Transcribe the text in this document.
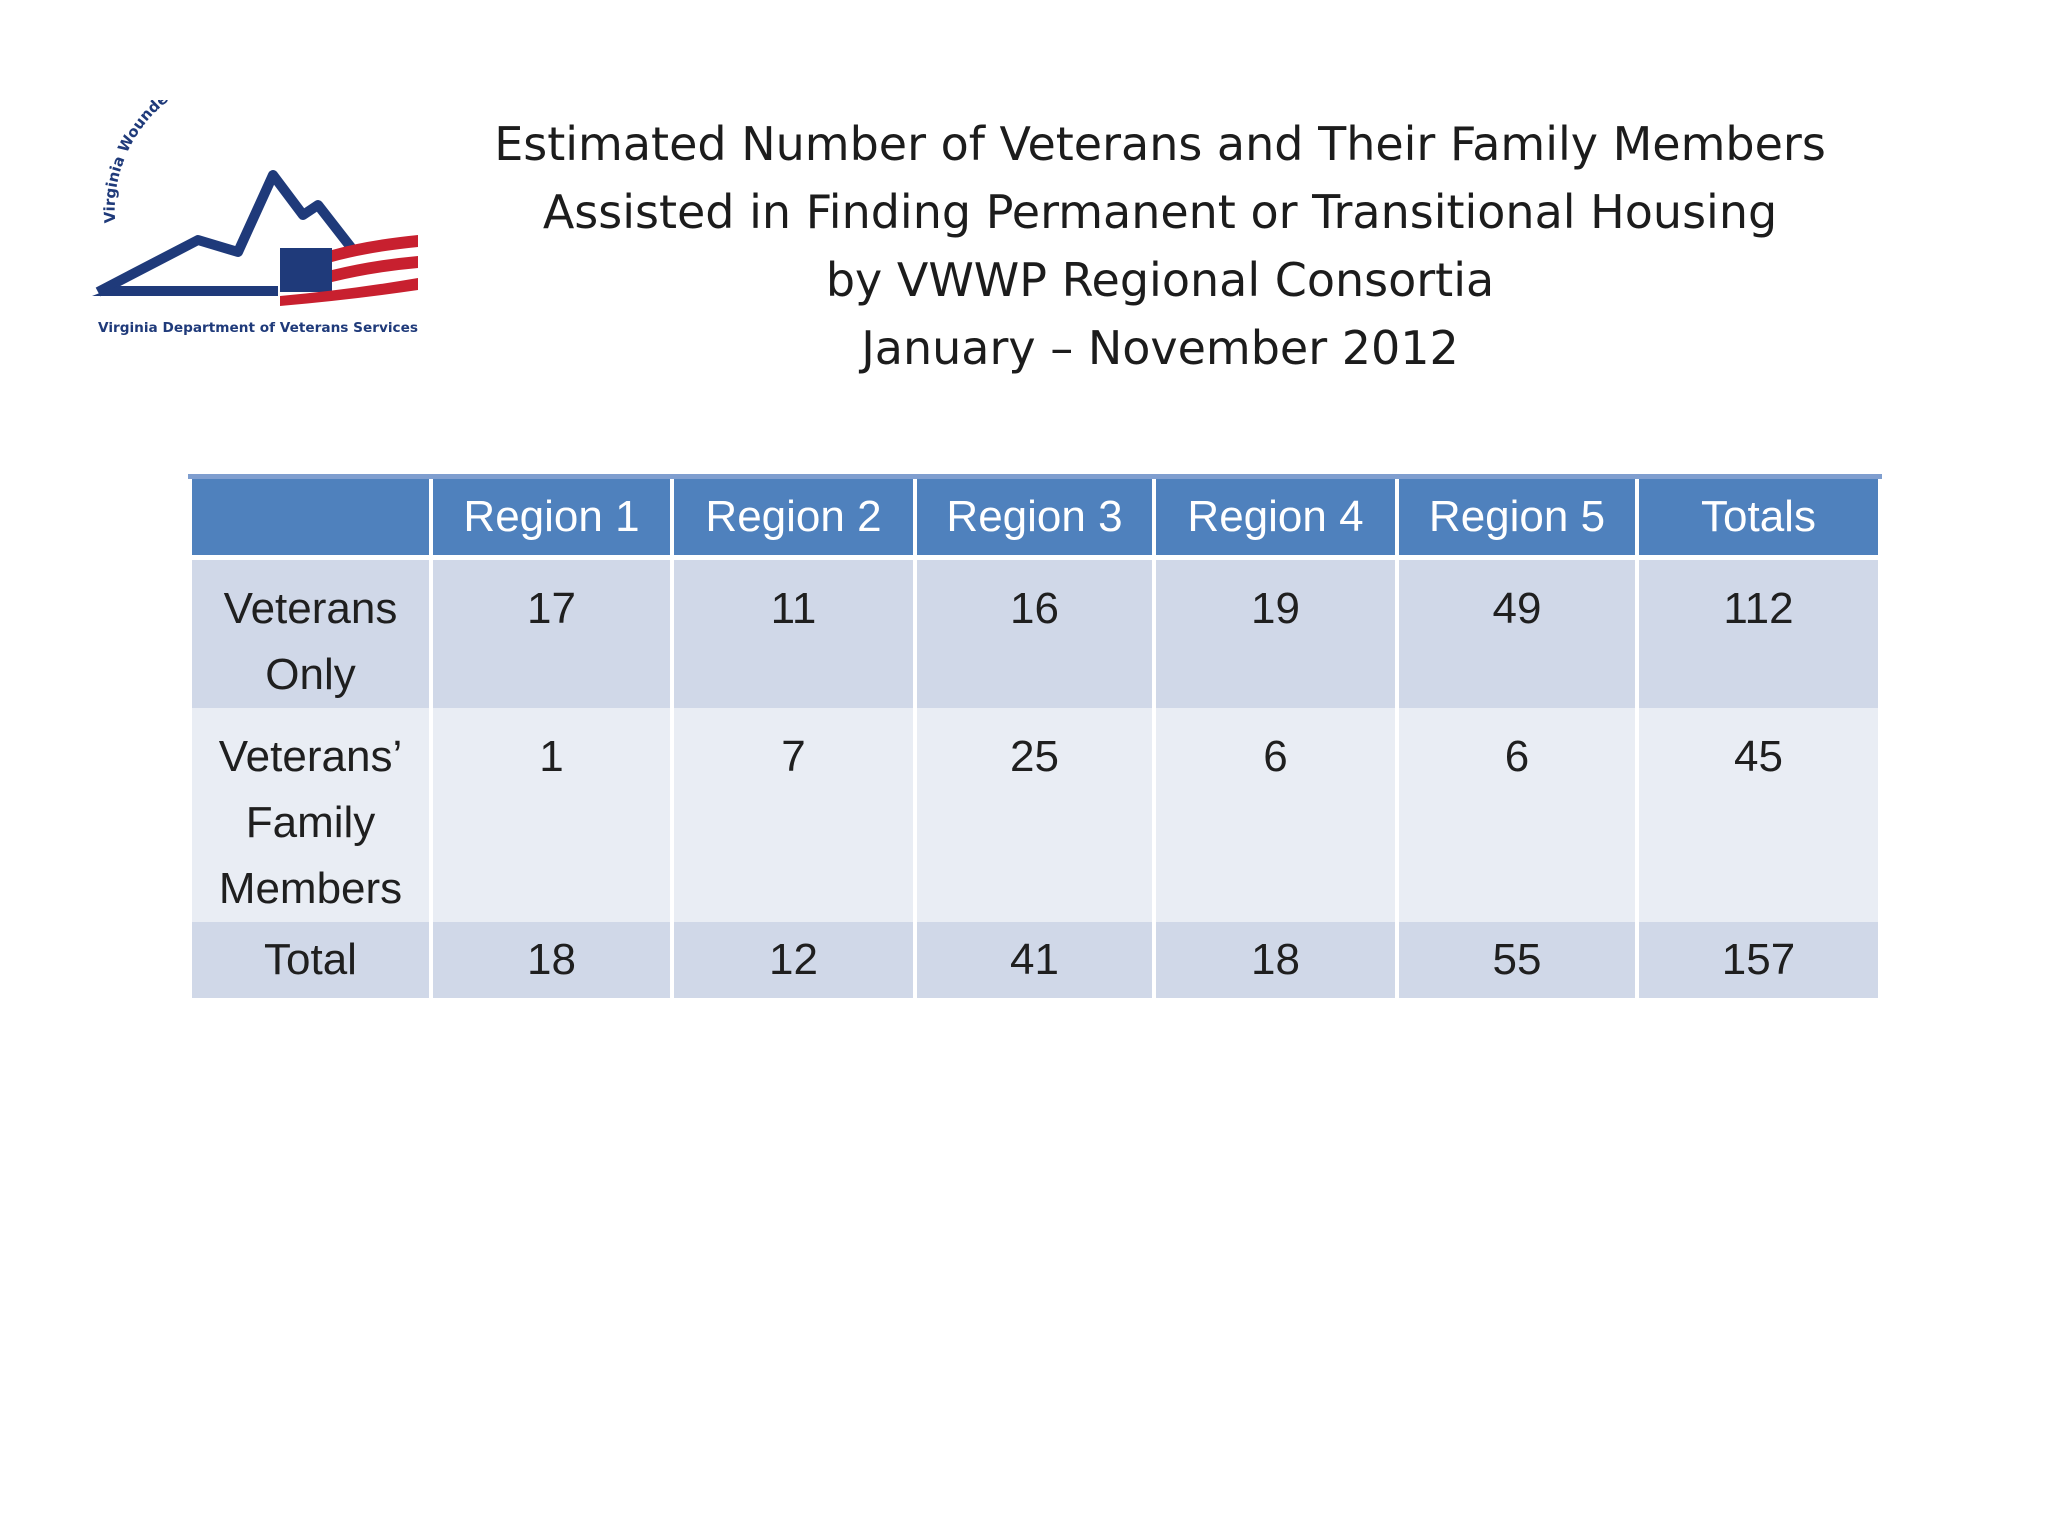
Virginia Wound
Virginia Department of Veterans Services
Estimated Number of Veterans and Their Family Members
Assisted in Finding Permanent or Transitional Housing
by VWWP Regional Consortia
January – November 2012
	Region 1	Region 2	Region 3	Region 4	Region 5	Totals

Veterans
Only	17	11	16	19	49	112

Veterans’
Family
Members	1	7	25	6	6	45

Total	18	12	41	18	55	157
